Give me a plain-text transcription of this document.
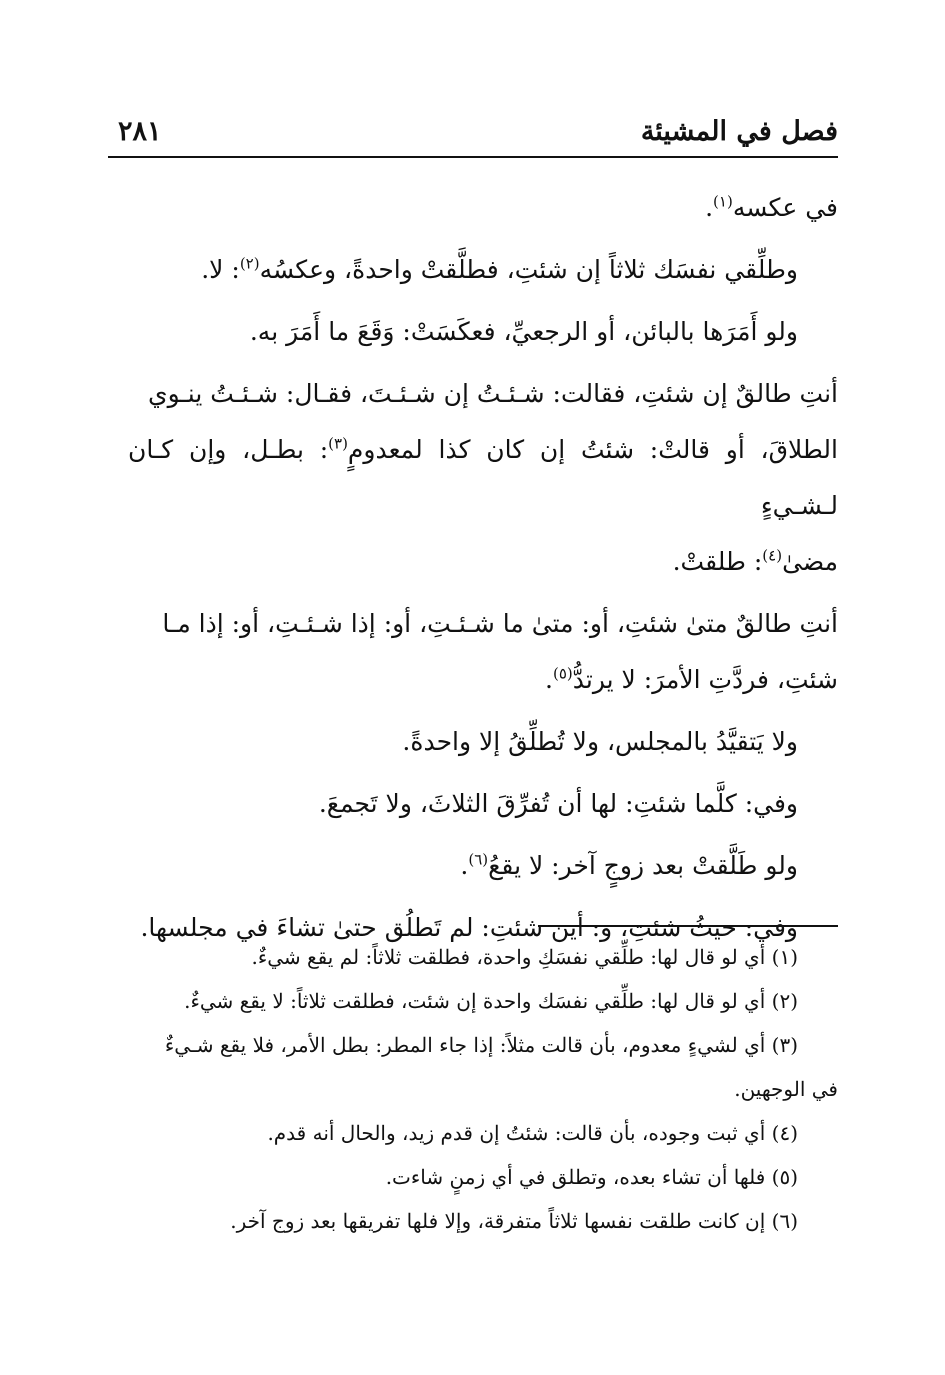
فصل في المشيئة
٢٨١

في عكسه$^{(١)}$.

وطلِّقي نفسَك ثلاثاً إن شئتِ، فطلَّقتْ واحدةً، وعكسُه$^{(٢)}$: لا.

ولو أَمَرَها بالبائن، أو الرجعيِّ، فعكَسَتْ: وَقَعَ ما أَمَرَ به.

أنتِ طالقٌ إن شئتِ، فقالت: شـئـتُ إن شـئـتَ، فقـال: شـئـتُ ينـوي
الطلاقَ، أو قالتْ: شئتُ إن كان كذا لمعدومٍ$^{(٣)}$: بطـل، وإن كـان لـشـيءٍ
مضىٰ$^{(٤)}$: طلقتْ.

أنتِ طالقٌ متىٰ شئتِ، أو: متىٰ ما شـئـتِ، أو: إذا شـئـتِ، أو: إذا مـا
شئتِ، فردَّتِ الأمرَ: لا يرتدُّ$^{(٥)}$.

ولا يَتقيَّدُ بالمجلس، ولا تُطلِّقُ إلا واحدةً.

وفي: كلَّما شئتِ: لها أن تُفرِّقَ الثلاثَ، ولا تَجمعَ.

ولو طَلَّقتْ بعد زوجٍ آخر: لا يقعُ$^{(٦)}$.

وفي: حيثُ شئتِ، و: أين شئتِ: لم تَطلُق حتىٰ تشاءَ في مجلسها.

(١) أي لو قال لها: طلِّقي نفسَكِ واحدة، فطلقت ثلاثاً: لم يقع شيءٌ.
(٢) أي لو قال لها: طلِّقي نفسَك واحدة إن شئت، فطلقت ثلاثاً: لا يقع شيءٌ.
(٣) أي لشيءٍ معدوم، بأن قالت مثلاً: إذا جاء المطر: بطل الأمر، فلا يقع شـيءٌ
في الوجهين.
(٤) أي ثبت وجوده، بأن قالت: شئتُ إن قدم زيد، والحال أنه قدم.
(٥) فلها أن تشاء بعده، وتطلق في أي زمنٍ شاءت.
(٦) إن كانت طلقت نفسها ثلاثاً متفرقة، وإلا فلها تفريقها بعد زوج آخر.
